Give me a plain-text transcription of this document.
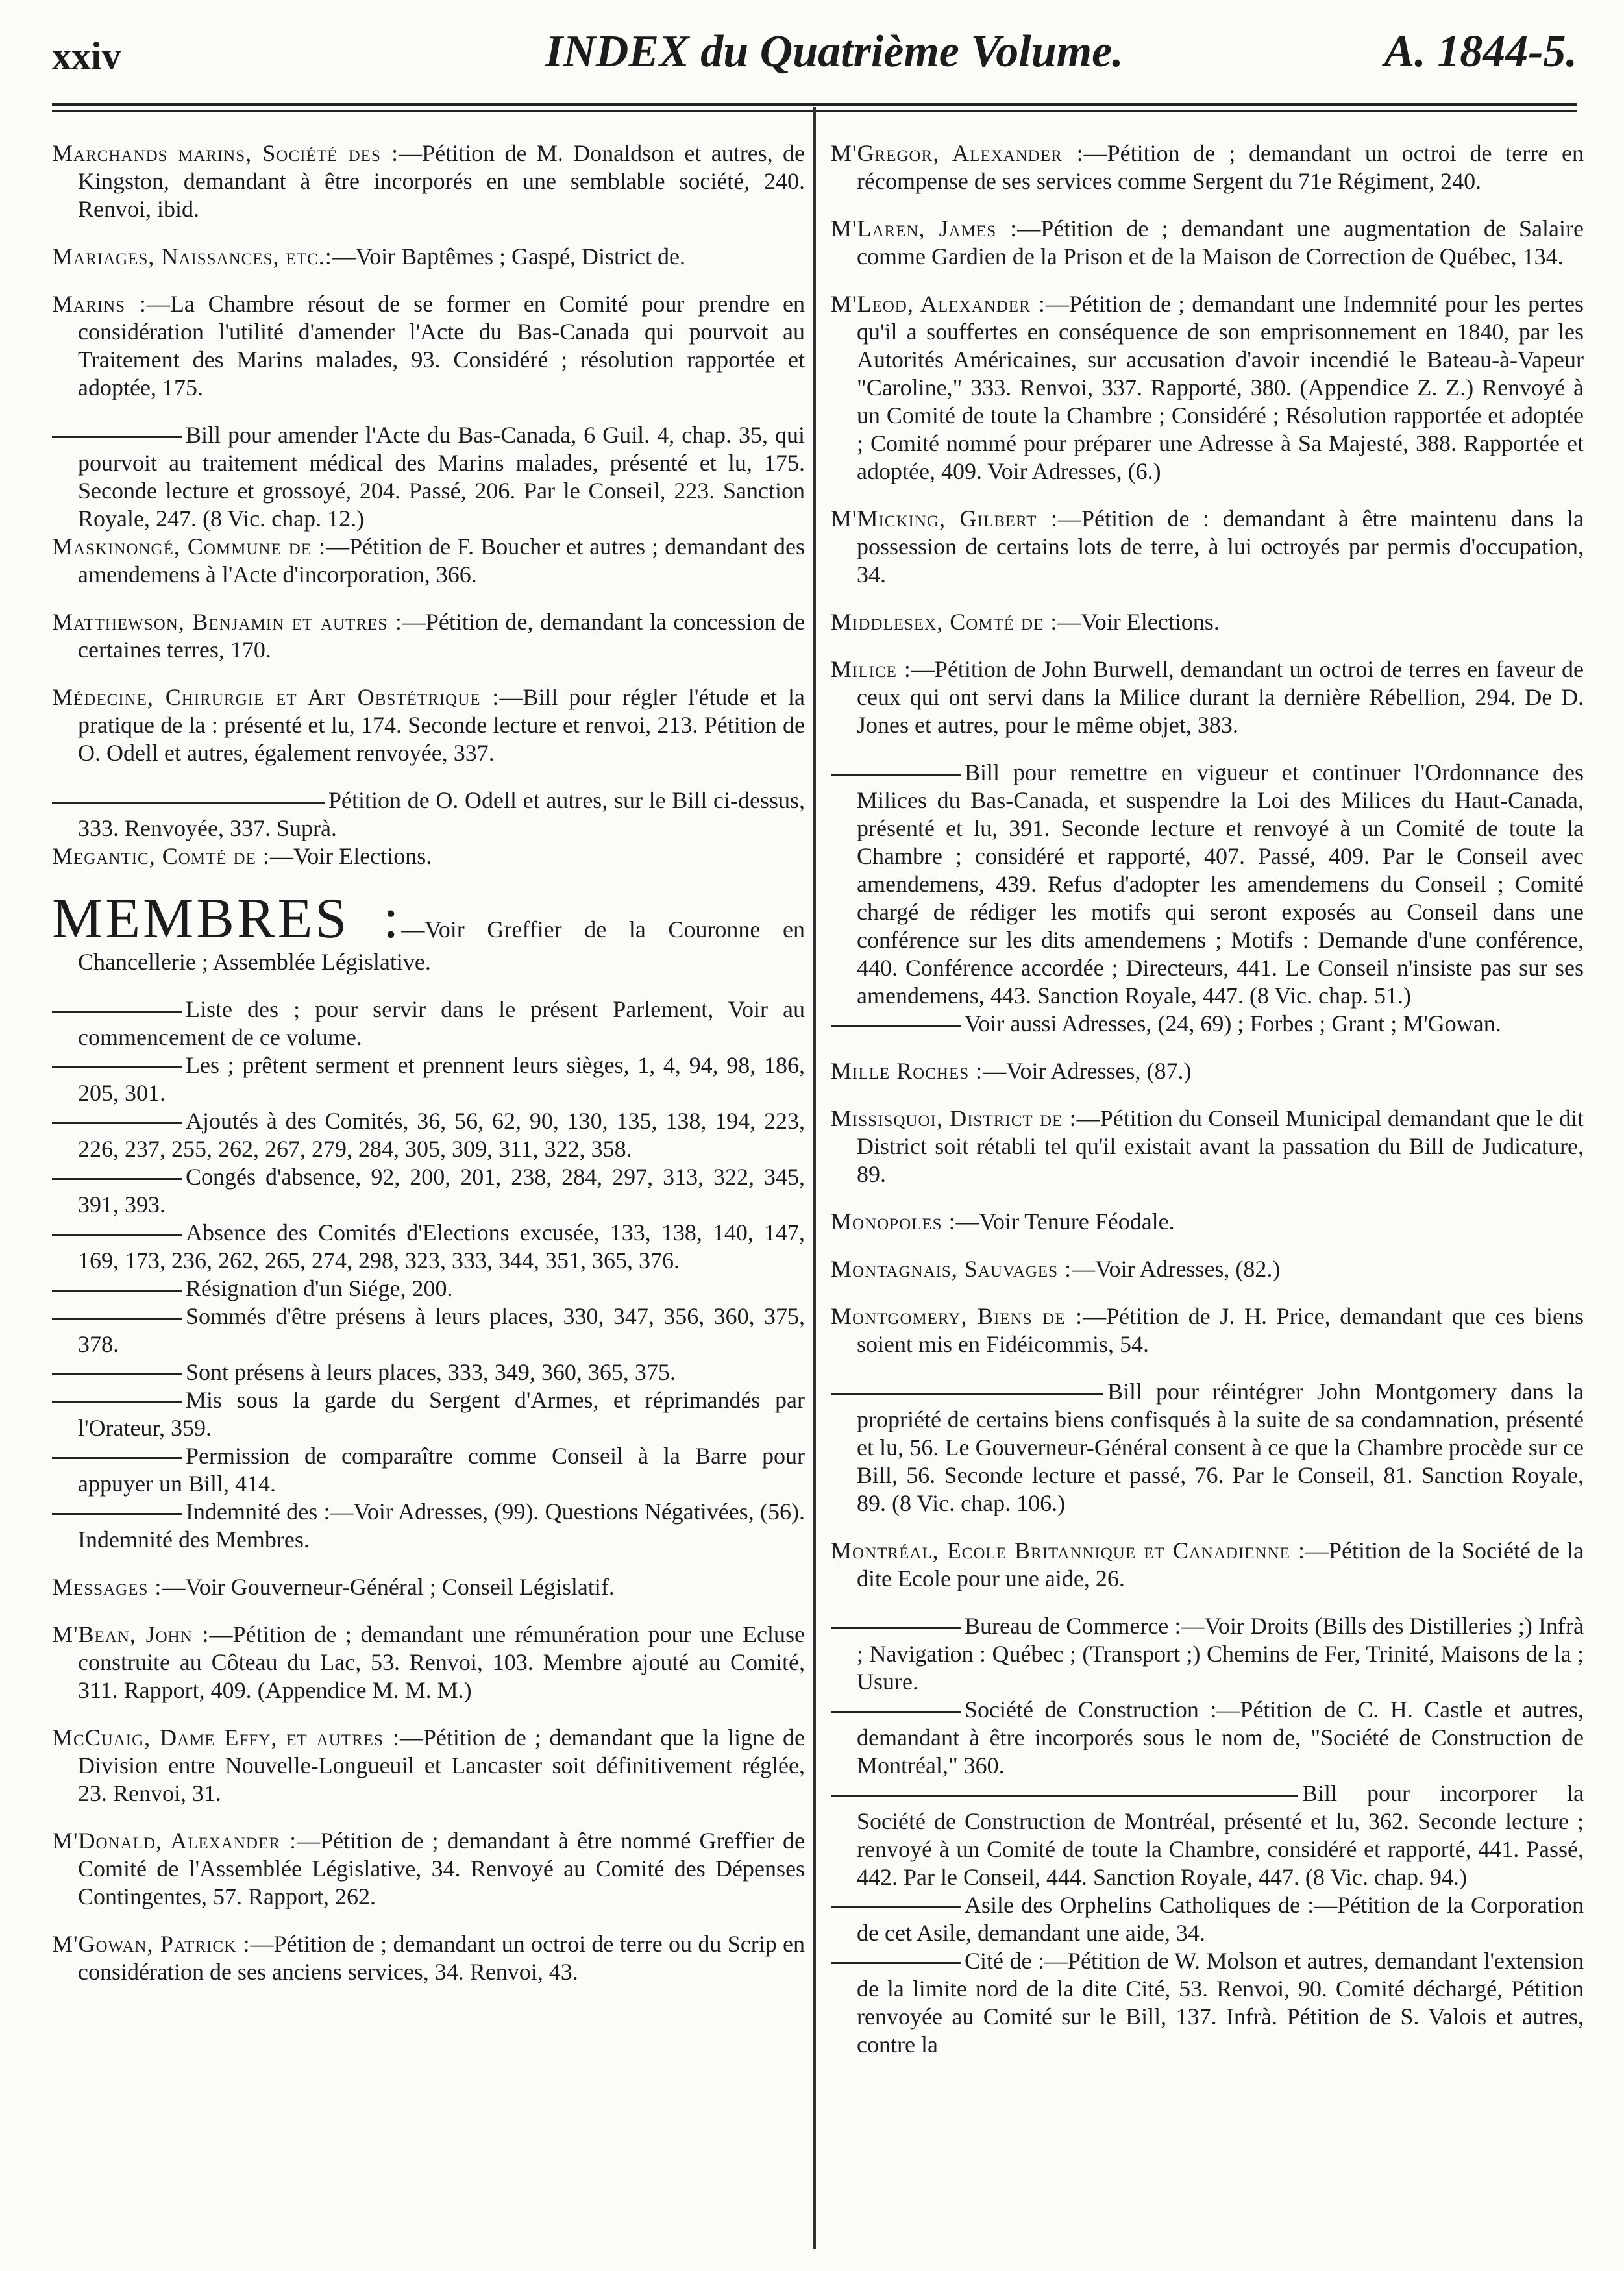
xxiv	INDEX du Quatrième Volume.	A. 1844-5.

Marchands marins, Société des :—Pétition de M. Donaldson et autres, de Kingston, demandant à être incorporés en une semblable société, 240. Renvoi, ibid.

Mariages, Naissances, etc.:—Voir Baptêmes ; Gaspé, District de.

Marins :—La Chambre résout de se former en Comité pour prendre en considération l'utilité d'amender l'Acte du Bas-Canada qui pourvoit au Traitement des Marins malades, 93. Considéré ; résolution rapportée et adoptée, 175.

Bill pour amender l'Acte du Bas-Canada, 6 Guil. 4, chap. 35, qui pourvoit au traitement médical des Marins malades, présenté et lu, 175. Seconde lecture et grossoyé, 204. Passé, 206. Par le Conseil, 223. Sanction Royale, 247. (8 Vic. chap. 12.)

Maskinongé, Commune de :—Pétition de F. Boucher et autres ; demandant des amendemens à l'Acte d'incorporation, 366.

Matthewson, Benjamin et autres :—Pétition de, demandant la concession de certaines terres, 170.

Médecine, Chirurgie et Art Obstétrique :—Bill pour régler l'étude et la pratique de la : présenté et lu, 174. Seconde lecture et renvoi, 213. Pétition de O. Odell et autres, également renvoyée, 337.

Pétition de O. Odell et autres, sur le Bill ci-dessus, 333. Renvoyée, 337. Suprà.

Megantic, Comté de :—Voir Elections.

MEMBRES :—Voir Greffier de la Couronne en Chancellerie ; Assemblée Législative.

Liste des ; pour servir dans le présent Parlement, Voir au commencement de ce volume.

Les ; prêtent serment et prennent leurs sièges, 1, 4, 94, 98, 186, 205, 301.

Ajoutés à des Comités, 36, 56, 62, 90, 130, 135, 138, 194, 223, 226, 237, 255, 262, 267, 279, 284, 305, 309, 311, 322, 358.

Congés d'absence, 92, 200, 201, 238, 284, 297, 313, 322, 345, 391, 393.

Absence des Comités d'Elections excusée, 133, 138, 140, 147, 169, 173, 236, 262, 265, 274, 298, 323, 333, 344, 351, 365, 376.

Résignation d'un Siége, 200.

Sommés d'être présens à leurs places, 330, 347, 356, 360, 375, 378.

Sont présens à leurs places, 333, 349, 360, 365, 375.

Mis sous la garde du Sergent d'Armes, et réprimandés par l'Orateur, 359.

Permission de comparaître comme Conseil à la Barre pour appuyer un Bill, 414.

Indemnité des :—Voir Adresses, (99). Questions Négativées, (56). Indemnité des Membres.

Messages :—Voir Gouverneur-Général ; Conseil Législatif.

M'Bean, John :—Pétition de ; demandant une rémunération pour une Ecluse construite au Côteau du Lac, 53. Renvoi, 103. Membre ajouté au Comité, 311. Rapport, 409. (Appendice M. M. M.)

McCuaig, Dame Effy, et autres :—Pétition de ; demandant que la ligne de Division entre Nouvelle-Longueuil et Lancaster soit définitivement réglée, 23. Renvoi, 31.

M'Donald, Alexander :—Pétition de ; demandant à être nommé Greffier de Comité de l'Assemblée Législative, 34. Renvoyé au Comité des Dépenses Contingentes, 57. Rapport, 262.

M'Gowan, Patrick :—Pétition de ; demandant un octroi de terre ou du Scrip en considération de ses anciens services, 34. Renvoi, 43.

M'Gregor, Alexander :—Pétition de ; demandant un octroi de terre en récompense de ses services comme Sergent du 71e Régiment, 240.

M'Laren, James :—Pétition de ; demandant une augmentation de Salaire comme Gardien de la Prison et de la Maison de Correction de Québec, 134.

M'Leod, Alexander :—Pétition de ; demandant une Indemnité pour les pertes qu'il a souffertes en conséquence de son emprisonnement en 1840, par les Autorités Américaines, sur accusation d'avoir incendié le Bateau-à-Vapeur "Caroline," 333. Renvoi, 337. Rapporté, 380. (Appendice Z. Z.) Renvoyé à un Comité de toute la Chambre ; Considéré ; Résolution rapportée et adoptée ; Comité nommé pour préparer une Adresse à Sa Majesté, 388. Rapportée et adoptée, 409. Voir Adresses, (6.)

M'Micking, Gilbert :—Pétition de : demandant à être maintenu dans la possession de certains lots de terre, à lui octroyés par permis d'occupation, 34.

Middlesex, Comté de :—Voir Elections.

Milice :—Pétition de John Burwell, demandant un octroi de terres en faveur de ceux qui ont servi dans la Milice durant la dernière Rébellion, 294. De D. Jones et autres, pour le même objet, 383.

Bill pour remettre en vigueur et continuer l'Ordonnance des Milices du Bas-Canada, et suspendre la Loi des Milices du Haut-Canada, présenté et lu, 391. Seconde lecture et renvoyé à un Comité de toute la Chambre ; considéré et rapporté, 407. Passé, 409. Par le Conseil avec amendemens, 439. Refus d'adopter les amendemens du Conseil ; Comité chargé de rédiger les motifs qui seront exposés au Conseil dans une conférence sur les dits amendemens ; Motifs : Demande d'une conférence, 440. Conférence accordée ; Directeurs, 441. Le Conseil n'insiste pas sur ses amendemens, 443. Sanction Royale, 447. (8 Vic. chap. 51.)

Voir aussi Adresses, (24, 69) ; Forbes ; Grant ; M'Gowan.

Mille Roches :—Voir Adresses, (87.)

Missisquoi, District de :—Pétition du Conseil Municipal demandant que le dit District soit rétabli tel qu'il existait avant la passation du Bill de Judicature, 89.

Monopoles :—Voir Tenure Féodale.

Montagnais, Sauvages :—Voir Adresses, (82.)

Montgomery, Biens de :—Pétition de J. H. Price, demandant que ces biens soient mis en Fidéicommis, 54.

Bill pour réintégrer John Montgomery dans la propriété de certains biens confisqués à la suite de sa condamnation, présenté et lu, 56. Le Gouverneur-Général consent à ce que la Chambre procède sur ce Bill, 56. Seconde lecture et passé, 76. Par le Conseil, 81. Sanction Royale, 89. (8 Vic. chap. 106.)

Montréal, Ecole Britannique et Canadienne :—Pétition de la Société de la dite Ecole pour une aide, 26.

Bureau de Commerce :—Voir Droits (Bills des Distilleries ;) Infrà ; Navigation : Québec ; (Transport ;) Chemins de Fer, Trinité, Maisons de la ; Usure.

Société de Construction :—Pétition de C. H. Castle et autres, demandant à être incorporés sous le nom de, "Société de Construction de Montréal," 360.

Bill pour incorporer la Société de Construction de Montréal, présenté et lu, 362. Seconde lecture ; renvoyé à un Comité de toute la Chambre, considéré et rapporté, 441. Passé, 442. Par le Conseil, 444. Sanction Royale, 447. (8 Vic. chap. 94.)

Asile des Orphelins Catholiques de :—Pétition de la Corporation de cet Asile, demandant une aide, 34.

Cité de :—Pétition de W. Molson et autres, demandant l'extension de la limite nord de la dite Cité, 53. Renvoi, 90. Comité déchargé, Pétition renvoyée au Comité sur le Bill, 137. Infrà. Pétition de S. Valois et autres, contre la
